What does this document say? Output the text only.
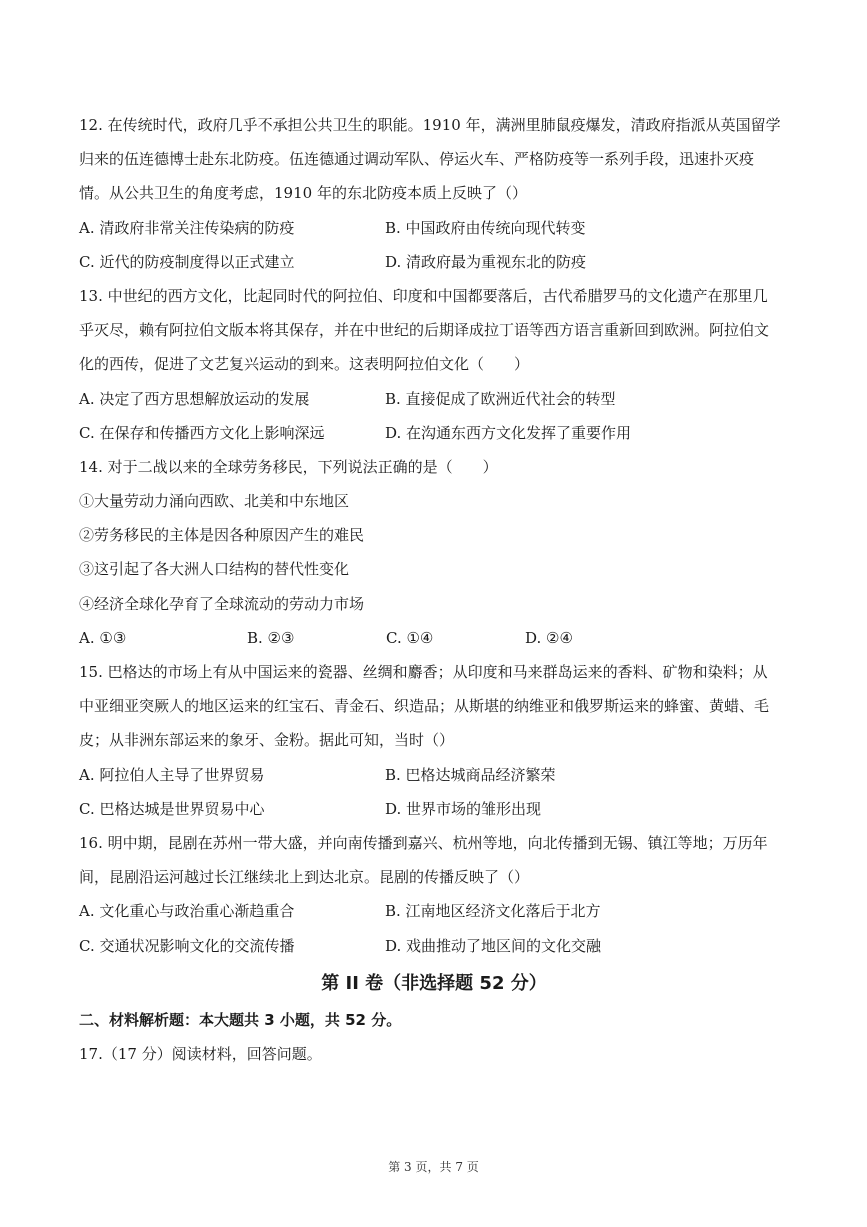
12. 在传统时代，政府几乎不承担公共卫生的职能。1910 年，满洲里肺鼠疫爆发，清政府指派从英国留学
归来的伍连德博士赴东北防疫。伍连德通过调动军队、停运火车、严格防疫等一系列手段，迅速扑灭疫
情。从公共卫生的角度考虑，1910 年的东北防疫本质上反映了（）
A. 清政府非常关注传染病的防疫	B. 中国政府由传统向现代转变
C. 近代的防疫制度得以正式建立	D. 清政府最为重视东北的防疫
13. 中世纪的西方文化，比起同时代的阿拉伯、印度和中国都要落后，古代希腊罗马的文化遗产在那里几
乎灭尽，赖有阿拉伯文版本将其保存，并在中世纪的后期译成拉丁语等西方语言重新回到欧洲。阿拉伯文
化的西传，促进了文艺复兴运动的到来。这表明阿拉伯文化（　　）
A. 决定了西方思想解放运动的发展	B. 直接促成了欧洲近代社会的转型
C. 在保存和传播西方文化上影响深远	D. 在沟通东西方文化发挥了重要作用
14. 对于二战以来的全球劳务移民，下列说法正确的是（　　）
①大量劳动力涌向西欧、北美和中东地区
②劳务移民的主体是因各种原因产生的难民
③这引起了各大洲人口结构的替代性变化
④经济全球化孕育了全球流动的劳动力市场
A. ①③	B. ②③	C. ①④	D. ②④
15. 巴格达的市场上有从中国运来的瓷器、丝绸和麝香；从印度和马来群岛运来的香料、矿物和染料；从
中亚细亚突厥人的地区运来的红宝石、青金石、织造品；从斯堪的纳维亚和俄罗斯运来的蜂蜜、黄蜡、毛
皮；从非洲东部运来的象牙、金粉。据此可知，当时（）
A. 阿拉伯人主导了世界贸易	B. 巴格达城商品经济繁荣
C. 巴格达城是世界贸易中心	D. 世界市场的雏形出现
16. 明中期，昆剧在苏州一带大盛，并向南传播到嘉兴、杭州等地，向北传播到无锡、镇江等地；万历年
间，昆剧沿运河越过长江继续北上到达北京。昆剧的传播反映了（）
A. 文化重心与政治重心渐趋重合	B. 江南地区经济文化落后于北方
C. 交通状况影响文化的交流传播	D. 戏曲推动了地区间的文化交融
第 II 卷（非选择题 52 分）
二、材料解析题：本大题共 3 小题，共 52 分。
17.（17 分）阅读材料，回答问题。
第 3 页，共 7 页
